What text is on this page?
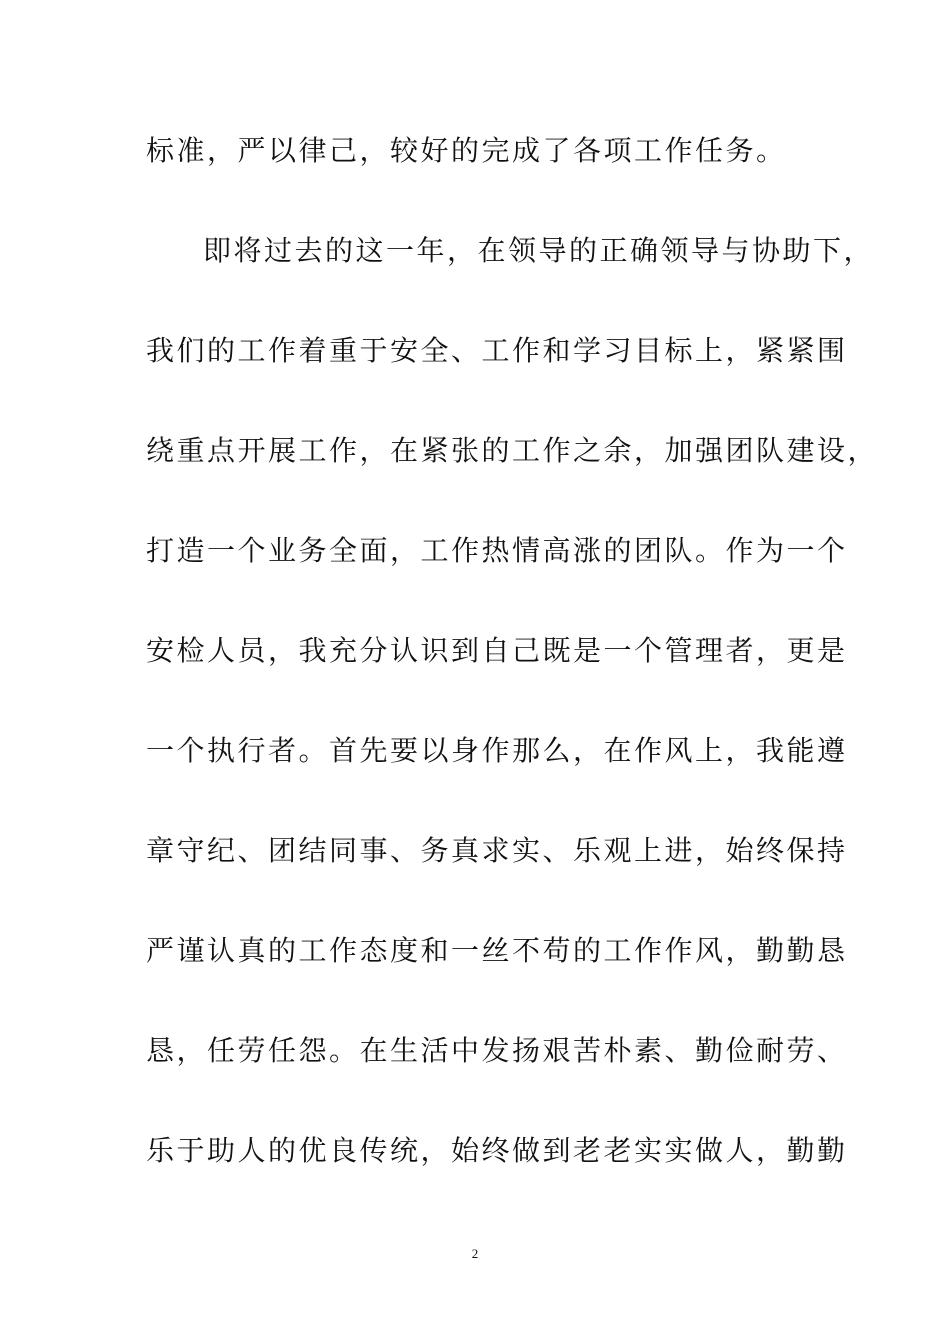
标准，严以律己，较好的完成了各项工作任务。
即将过去的这一年，在领导的正确领导与协助下，
我们的工作着重于安全、工作和学习目标上，紧紧围
绕重点开展工作，在紧张的工作之余，加强团队建设，
打造一个业务全面，工作热情高涨的团队。作为一个
安检人员，我充分认识到自己既是一个管理者，更是
一个执行者。首先要以身作那么，在作风上，我能遵
章守纪、团结同事、务真求实、乐观上进，始终保持
严谨认真的工作态度和一丝不苟的工作作风，勤勤恳
恳，任劳任怨。在生活中发扬艰苦朴素、勤俭耐劳、
乐于助人的优良传统，始终做到老老实实做人，勤勤
2
